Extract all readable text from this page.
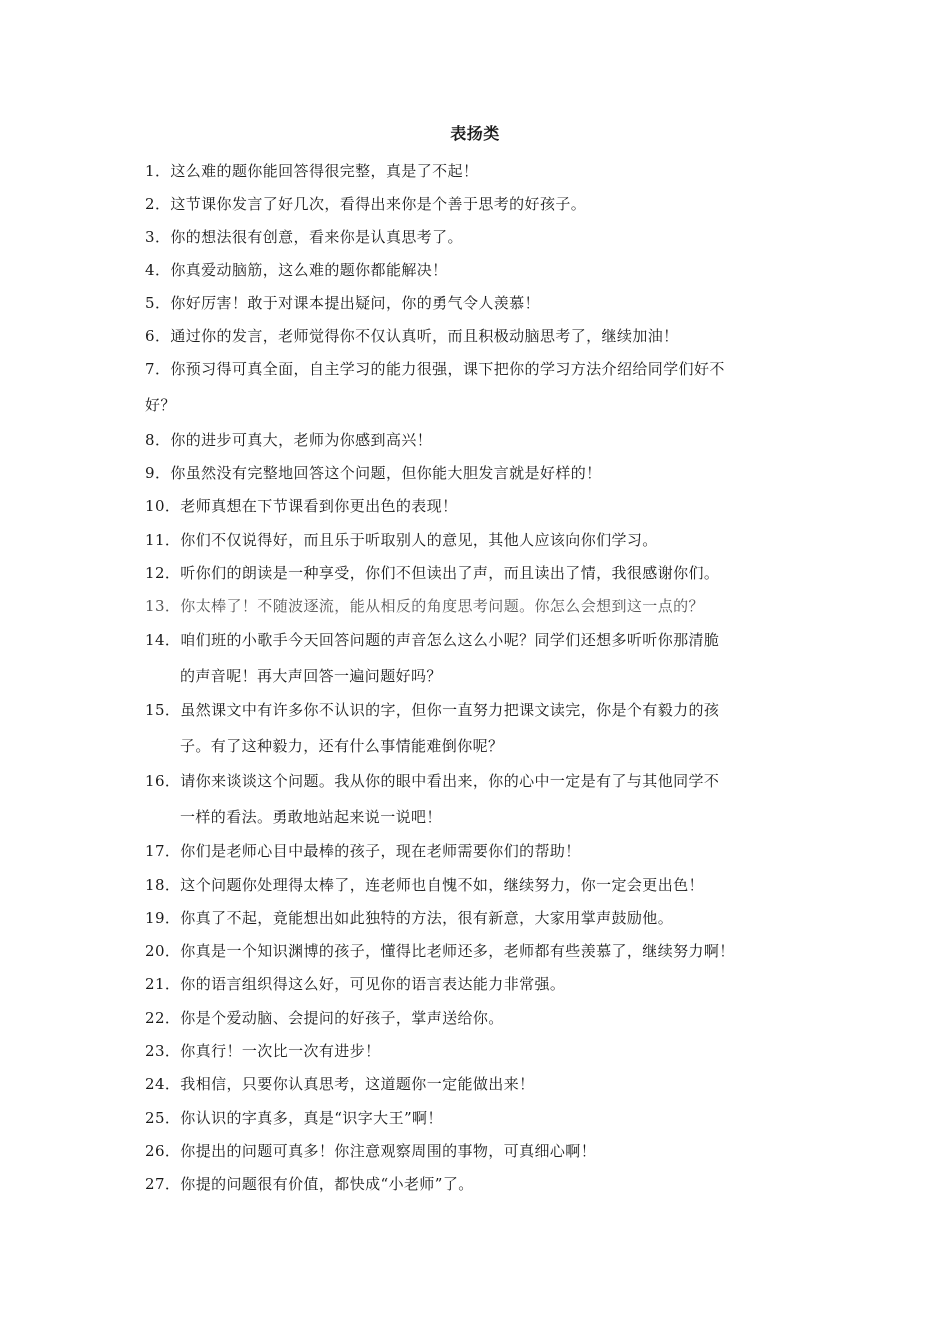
表扬类
1．这么难的题你能回答得很完整，真是了不起！
2．这节课你发言了好几次，看得出来你是个善于思考的好孩子。
3．你的想法很有创意，看来你是认真思考了。
4．你真爱动脑筋，这么难的题你都能解决！
5．你好厉害！敢于对课本提出疑问，你的勇气令人羡慕！
6．通过你的发言，老师觉得你不仅认真听，而且积极动脑思考了，继续加油！
7．你预习得可真全面，自主学习的能力很强，课下把你的学习方法介绍给同学们好不
好？
8．你的进步可真大，老师为你感到高兴！
9．你虽然没有完整地回答这个问题，但你能大胆发言就是好样的！
10．老师真想在下节课看到你更出色的表现！
11．你们不仅说得好，而且乐于听取别人的意见，其他人应该向你们学习。
12．听你们的朗读是一种享受，你们不但读出了声，而且读出了情，我很感谢你们。
13．你太棒了！不随波逐流，能从相反的角度思考问题。你怎么会想到这一点的？
14．咱们班的小歌手今天回答问题的声音怎么这么小呢？同学们还想多听听你那清脆
的声音呢！再大声回答一遍问题好吗？
15．虽然课文中有许多你不认识的字，但你一直努力把课文读完，你是个有毅力的孩
子。有了这种毅力，还有什么事情能难倒你呢？
16．请你来谈谈这个问题。我从你的眼中看出来，你的心中一定是有了与其他同学不
一样的看法。勇敢地站起来说一说吧！
17．你们是老师心目中最棒的孩子，现在老师需要你们的帮助！
18．这个问题你处理得太棒了，连老师也自愧不如，继续努力，你一定会更出色！
19．你真了不起，竟能想出如此独特的方法，很有新意，大家用掌声鼓励他。
20．你真是一个知识渊博的孩子，懂得比老师还多，老师都有些羡慕了，继续努力啊！
21．你的语言组织得这么好，可见你的语言表达能力非常强。
22．你是个爱动脑、会提问的好孩子，掌声送给你。
23．你真行！一次比一次有进步！
24．我相信，只要你认真思考，这道题你一定能做出来！
25．你认识的字真多，真是“识字大王”啊！
26．你提出的问题可真多！你注意观察周围的事物，可真细心啊！
27．你提的问题很有价值，都快成“小老师”了。
